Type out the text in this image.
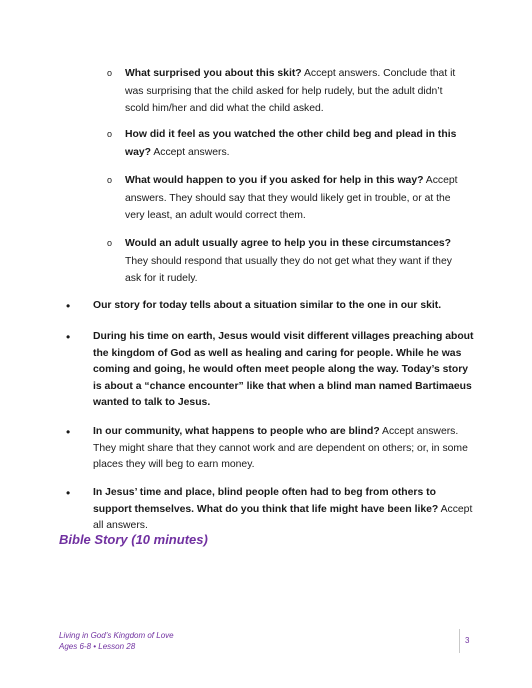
o What surprised you about this skit? Accept answers. Conclude that it was surprising that the child asked for help rudely, but the adult didn’t scold him/her and did what the child asked.
o How did it feel as you watched the other child beg and plead in this way? Accept answers.
o What would happen to you if you asked for help in this way? Accept answers. They should say that they would likely get in trouble, or at the very least, an adult would correct them.
o Would an adult usually agree to help you in these circumstances? They should respond that usually they do not get what they want if they ask for it rudely.
• Our story for today tells about a situation similar to the one in our skit.
• During his time on earth, Jesus would visit different villages preaching about the kingdom of God as well as healing and caring for people. While he was coming and going, he would often meet people along the way. Today’s story is about a “chance encounter” like that when a blind man named Bartimaeus wanted to talk to Jesus.
• In our community, what happens to people who are blind? Accept answers. They might share that they cannot work and are dependent on others; or, in some places they will beg to earn money.
• In Jesus’ time and place, blind people often had to beg from others to support themselves. What do you think that life might have been like? Accept all answers.
Bible Story (10 minutes)
Living in God’s Kingdom of Love
Ages 6-8 • Lesson 28
3
